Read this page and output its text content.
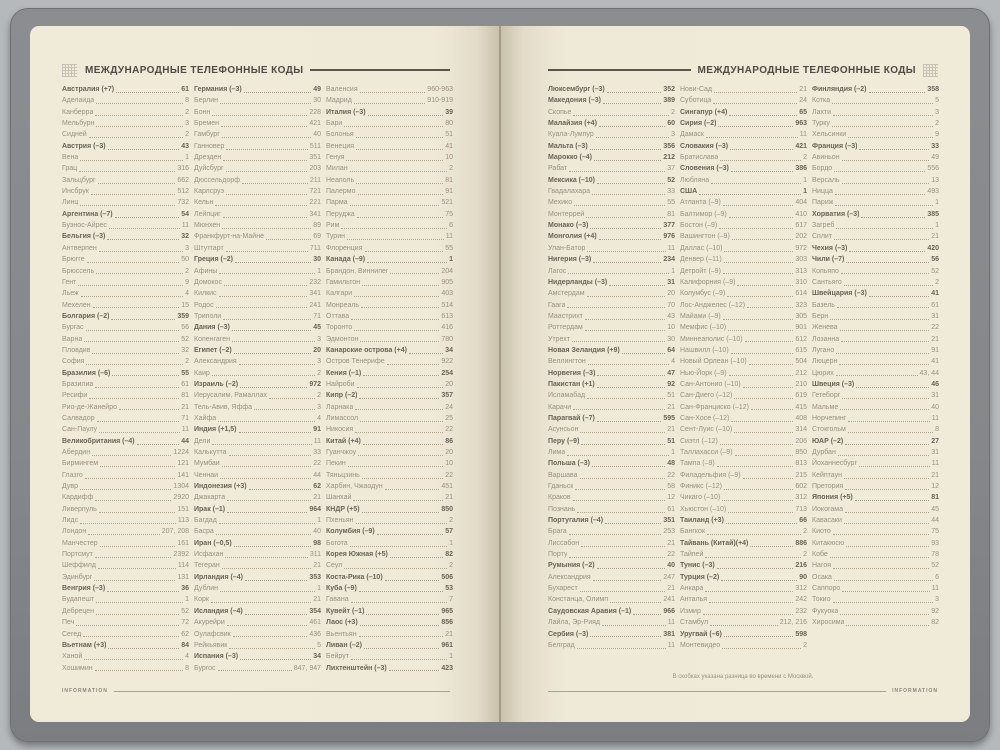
МЕЖДУНАРОДНЫЕ ТЕЛЕФОННЫЕ КОДЫ
Австралия (+7)	61
Аделаида	8
Канберра	2
Мельбурн	3
Сидней	2
Австрия (–3)	43
Вена	1
Грац	316
Зальцбург	662
Инсбрук	512
Линц	732
Аргентина (–7)	54
Буэнос-Айрес	11
Бельгия (–3)	32
Антверпен	3
Брюгге	50
Брюссель	2
Гент	9
Льеж	4
Мехелен	15
Болгария (–2)	359
Бургас	56
Варна	52
Пловдив	32
София	2
Бразилия (–6)	55
Бразилиа	61
Ресифи	81
Рио-де-Жанейро	21
Салвадор	71
Сан-Паулу	11
Великобритания (–4)	44
Абердин	1224
Бирмингем	121
Глазго	141
Дувр	1304
Кардифф	2920
Ливерпуль	151
Лидс	113
Лондон	207, 208
Манчестер	161
Портсмут	2392
Шеффилд	114
Эдинбург	131
Венгрия (–3)	36
Будапешт	1
Дебрецен	52
Печ	72
Сегед	62
Вьетнам (+3)	84
Ханой	4
Хошимин	8
Германия (–3)	49
Берлин	30
Бонн	228
Бремен	421
Гамбург	40
Ганновер	511
Дрезден	351
Дуйсбург	203
Дюссельдорф	211
Карлсруэ	721
Кельн	221
Лейпциг	341
Мюнхен	89
Франкфурт-на-Майне	69
Штутгарт	711
Греция (–2)	30
Афины	1
Домокос	232
Килкис	341
Родос	241
Триполи	71
Дания (–3)	45
Копенгаген	3
Египет (–2)	20
Александрия	3
Каир	2
Израиль (–2)	972
Иерусалим, Рамаллах	2
Тель-Авив, Яффа	3
Хайфа	4
Индия (+1,5)	91
Дели	11
Калькутта	33
Мумбаи	22
Ченнаи	44
Индонезия (+3)	62
Джакарта	21
Ирак (–1)	964
Багдад	1
Басра	40
Иран (–0,5)	98
Исфахан	311
Тегеран	21
Ирландия (–4)	353
Дублин	1
Корк	21
Исландия (–4)	354
Акурейри	461
Оулафсвик	436
Рейкьявик	5
Испания (–3)	34
Бургос	847, 947
Валенсия	960-963
Мадрид	910-919
Италия (–3)	39
Бари	80
Болонья	51
Венеция	41
Генуя	10
Милан	2
Неаполь	81
Палермо	91
Парма	521
Перуджа	75
Рим	6
Турин	11
Флоренция	55
Канада (–9)	1
Брандон, Виннипег	204
Гамильтон	905
Калгари	403
Монреаль	514
Оттава	613
Торонто	416
Эдмонтон	780
Канарские острова (+4)	34
Остров Тенерифе	922
Кения (–1)	254
Найроби	20
Кипр (–2)	357
Ларнака	24
Лимассол	25
Никосия	22
Китай (+4)	86
Гуанчжоу	20
Пекин	10
Тяньцзинь	22
Харбин, Чжаодун	451
Шанхай	21
КНДР (+5)	850
Пхеньян	2
Колумбия (–9)	57
Богота	1
Корея Южная (+5)	82
Сеул	2
Коста-Рика (–10)	506
Куба (–9)	53
Гавана	7
Кувейт (–1)	965
Лаос (+3)	856
Вьентьян	21
Ливан (–2)	961
Бейрут	1
Лихтенштейн (–3)	423
INFORMATION
МЕЖДУНАРОДНЫЕ ТЕЛЕФОННЫЕ КОДЫ
Люксембург (–3)	352
Македония (–3)	389
Скопье	2
Малайзия (+4)	60
Куала-Лумпур	3
Мальта (–3)	356
Марокко (–4)	212
Рабат	37
Мексика (–10)	52
Гвадалахара	33
Мехико	55
Монтеррей	81
Монако (–3)	377
Монголия (+4)	976
Улан-Батор	11
Нигерия (–3)	234
Лагос	1
Нидерланды (–3)	31
Амстердам	20
Гаага	70
Маастрихт	43
Роттердам	10
Утрехт	30
Новая Зеландия (+9)	64
Веллингтон	4
Норвегия (–3)	47
Пакистан (+1)	92
Исламабад	51
Карачи	21
Парагвай (–7)	595
Асунсьон	21
Перу (–9)	51
Лима	1
Польша (–3)	48
Варшава	22
Гданьск	58
Краков	12
Познань	61
Португалия (–4)	351
Брага	253
Лиссабон	21
Порту	22
Румыния (–2)	40
Александрия	247
Бухарест	21
Констанца, Олимп	241
Саудовская Аравия (–1)	966
Лайла, Эр-Рияд	11
Сербия (–3)	381
Белград	11
Нови-Сад	21
Суботица	24
Сингапур (+4)	65
Сирия (–2)	963
Дамаск	11
Словакия (–3)	421
Братислава	2
Словения (–3)	386
Любляна	1
США	1
Атланта (–9)	404
Балтимор (–9)	410
Бостон (–9)	617
Вашингтон (–9)	202
Даллас (–10)	972
Денвер (–11)	303
Детройт (–9)	313
Калифорния (–9)	310
Колумбус (–9)	614
Лос-Анджелес (–12)	323
Майами (–9)	305
Мемфис (–10)	901
Миннеаполис (–10)	612
Нашвилл (–10)	615
Новый Орлеан (–10)	504
Нью-Йорк (–9)	212
Сан-Антонио (–10)	210
Сан-Диего (–12)	619
Сан-Франциско (–12)	415
Сан-Хосе (–12)	408
Сент-Луис (–10)	314
Сиэтл (–12)	206
Таллахасси (–9)	850
Тампа (–9)	813
Филадельфия (–9)	215
Финикс (–12)	602
Чикаго (–10)	312
Хьюстон (–10)	713
Таиланд (+3)	66
Бангкок	2
Тайвань (Китай)(+4)	886
Тайпей	2
Тунис (–3)	216
Турция (–2)	90
Анкара	312
Анталья	242
Измир	232
Стамбул	212, 216
Уругвай (–6)	598
Монтевидео	2
Финляндия (–2)	358
Котка	5
Лахти	3
Турку	2
Хельсинки	9
Франция (–3)	33
Авиньон	49
Бордо	556
Версаль	13
Ницца	493
Париж	1
Хорватия (–3)	385
Загреб	1
Сплит	21
Чехия (–3)	420
Чили (–7)	56
Копьяпо	52
Сантьяго	2
Швейцария (–3)	41
Базель	61
Берн	31
Женева	22
Лозанна	21
Лугано	91
Люцерн	41
Цюрих	43, 44
Швеция (–3)	46
Гетеборг	31
Мальме	40
Норчепинг	11
Стокгольм	8
ЮАР (–2)	27
Дурбан	31
Йоханнесбург	11
Кейптаун	21
Претория	12
Япония (+5)	81
Иокогама	45
Кавасаки	44
Киото	75
Китакюсю	93
Кобе	78
Нагоя	52
Осака	6
Саппоро	11
Токио	3
Фукуока	92
Хиросима	82
В скобках указана разница во времени с Москвой.
INFORMATION
